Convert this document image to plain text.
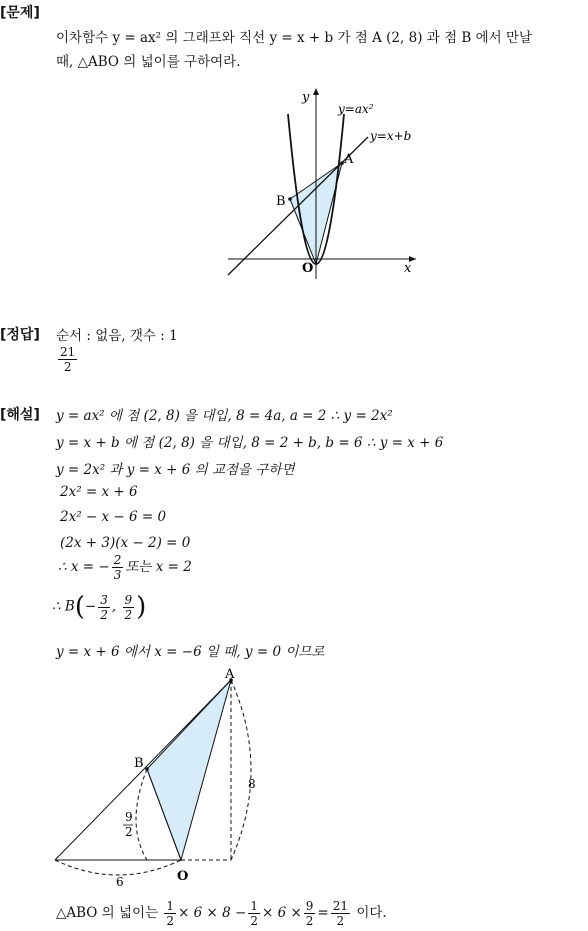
[문제]
이차함수 y = ax² 의 그래프와 직선 y = x + b 가 점 A (2, 8) 과 점 B 에서 만날
때, △ABO 의 넓이를 구하여라.
y
x
O
y=ax²
y=x+b
A
B
[정답] 순서 : 없음, 갯수 : 1
$\frac{21}{2}$
[해설] y = ax² 에 점 (2, 8) 을 대입, 8 = 4a, a = 2 ∴ y = 2x²
y = x + b 에 점 (2, 8) 을 대입, 8 = 2 + b, b = 6 ∴ y = x + 6
y = 2x² 과 y = x + 6 의 교점을 구하면
2x² = x + 6
2x² − x − 6 = 0
(2x + 3)(x − 2) = 0
∴ x = − $\frac{2}{3}$ 또는 x = 2
∴ $B(- \frac{3}{2}$ , $\frac{9}{2}$ )
y = x + 6 에서 x = −6 일 때, y = 0 이므로
A
B
O
8
9
2
6
△ABO 의 넓이는 $\frac{1}{2} \times 6 \times 8 - \frac{1}{2} \times 6 \times \frac{9}{2} = \frac{21}{2}$ 이다.
